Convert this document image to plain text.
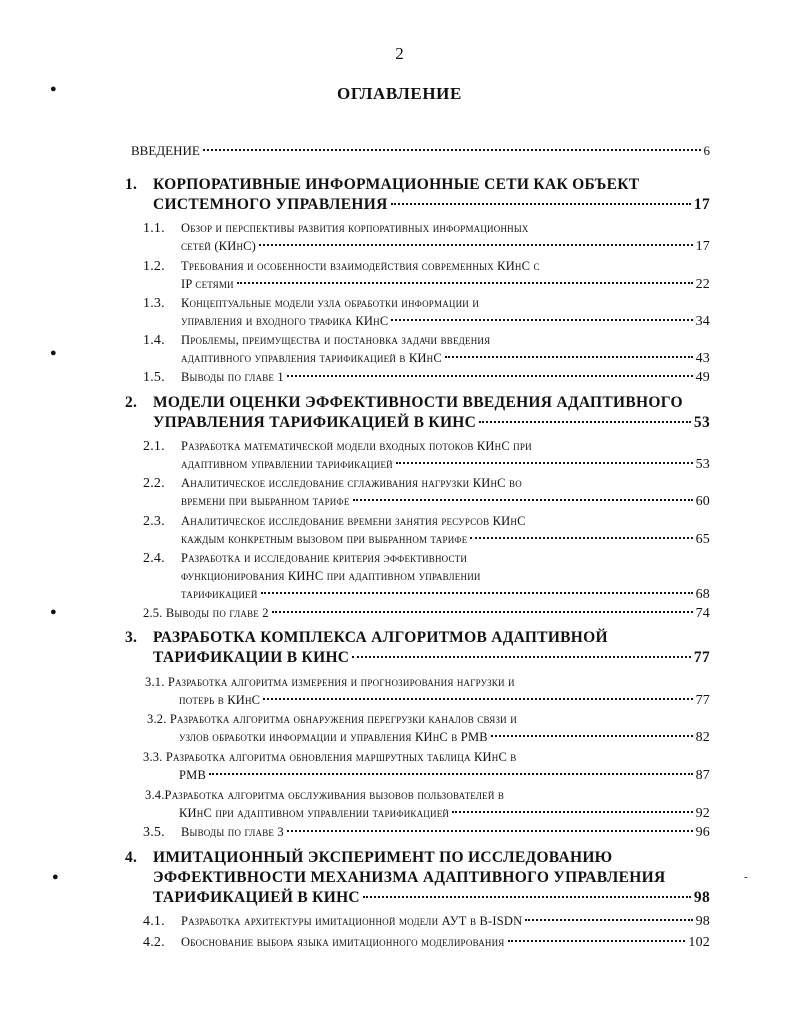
2
ОГЛАВЛЕНИЕ
●
●
●
●	-
ВВЕДЕНИЕ	6
1.	КОРПОРАТИВНЫЕ ИНФОРМАЦИОННЫЕ СЕТИ КАК ОБЪЕКТ
СИСТЕМНОГО УПРАВЛЕНИЯ	17
1.1.	Обзор и перспективы развития корпоративных информационных
сетей (КИнС)	17
1.2.	Требования и особенности взаимодействия современных КИнС с
IP сетями	22
1.3.	Концептуальные модели узла обработки информации и
управления и входного трафика КИнС	34
1.4.	Проблемы, преимущества и постановка задачи введения
адаптивного управления тарификацией в КИнС	43
1.5.	Выводы по главе 1	49
2.	МОДЕЛИ ОЦЕНКИ ЭФФЕКТИВНОСТИ ВВЕДЕНИЯ АДАПТИВНОГО
УПРАВЛЕНИЯ ТАРИФИКАЦИЕЙ В КИНС	53
2.1.	Разработка математической модели входных потоков КИнС при
адаптивном управлении тарификацией	53
2.2.	Аналитическое исследование сглаживания нагрузки КИнС во
времени при выбранном тарифе	60
2.3.	Аналитическое исследование времени занятия ресурсов КИнС
каждым конкретным вызовом при выбранном тарифе	65
2.4.	Разработка и исследование критерия эффективности
функционирования КИНС при адаптивном управлении
тарификацией	68
2.5. Выводы по главе 2	74
3.	РАЗРАБОТКА КОМПЛЕКСА АЛГОРИТМОВ АДАПТИВНОЙ
ТАРИФИКАЦИИ В КИНС	77
3.1. Разработка алгоритма измерения и прогнозирования нагрузки и
потерь в КИнС	77
3.2. Разработка алгоритма обнаружения перегрузки каналов связи и
узлов обработки информации и управления КИнС в РМВ	82
3.3. Разработка алгоритма обновления маршрутных таблица КИнС в
РМВ	87
3.4.Разработка алгоритма обслуживания вызовов пользователей в
КИнС при адаптивном управлении тарификацией	92
3.5.	Выводы по главе 3	96
4.	ИМИТАЦИОННЫЙ ЭКСПЕРИМЕНТ ПО ИССЛЕДОВАНИЮ
ЭФФЕКТИВНОСТИ МЕХАНИЗМА АДАПТИВНОГО УПРАВЛЕНИЯ
ТАРИФИКАЦИЕЙ В КИНС	98
4.1.	Разработка архитектуры имитационной модели АУТ в B-ISDN	98
4.2.	Обоснование выбора языка имитационного моделирования	102
